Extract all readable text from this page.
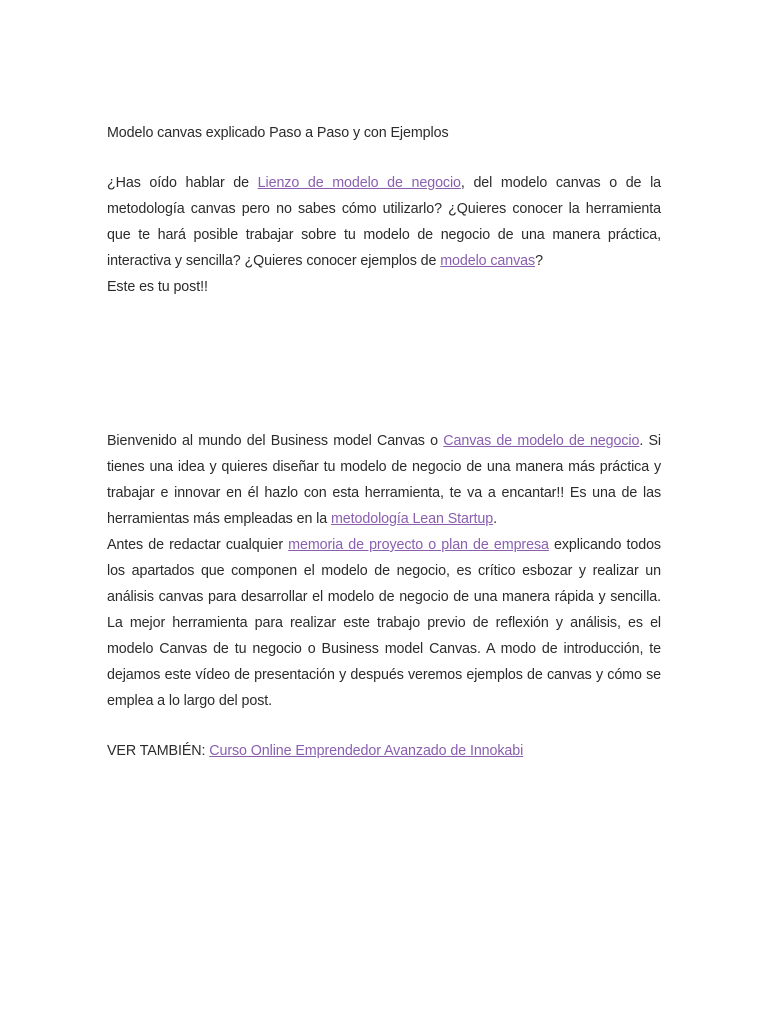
Modelo canvas explicado Paso a Paso y con Ejemplos

¿Has oído hablar de Lienzo de modelo de negocio, del modelo canvas o de la metodología canvas pero no sabes cómo utilizarlo? ¿Quieres conocer la herramienta que te hará posible trabajar sobre tu modelo de negocio de una manera práctica, interactiva y sencilla? ¿Quieres conocer ejemplos de modelo canvas?

Este es tu post!!

Bienvenido al mundo del Business model Canvas o Canvas de modelo de negocio. Si tienes una idea y quieres diseñar tu modelo de negocio de una manera más práctica y trabajar e innovar en él hazlo con esta herramienta, te va a encantar!! Es una de las herramientas más empleadas en la metodología Lean Startup.

Antes de redactar cualquier memoria de proyecto o plan de empresa explicando todos los apartados que componen el modelo de negocio, es crítico esbozar y realizar un análisis canvas para desarrollar el modelo de negocio de una manera rápida y sencilla. La mejor herramienta para realizar este trabajo previo de reflexión y análisis, es el modelo Canvas de tu negocio o Business model Canvas. A modo de introducción, te dejamos este vídeo de presentación y después veremos ejemplos de canvas y cómo se emplea a lo largo del post.

VER TAMBIÉN: Curso Online Emprendedor Avanzado de Innokabi
